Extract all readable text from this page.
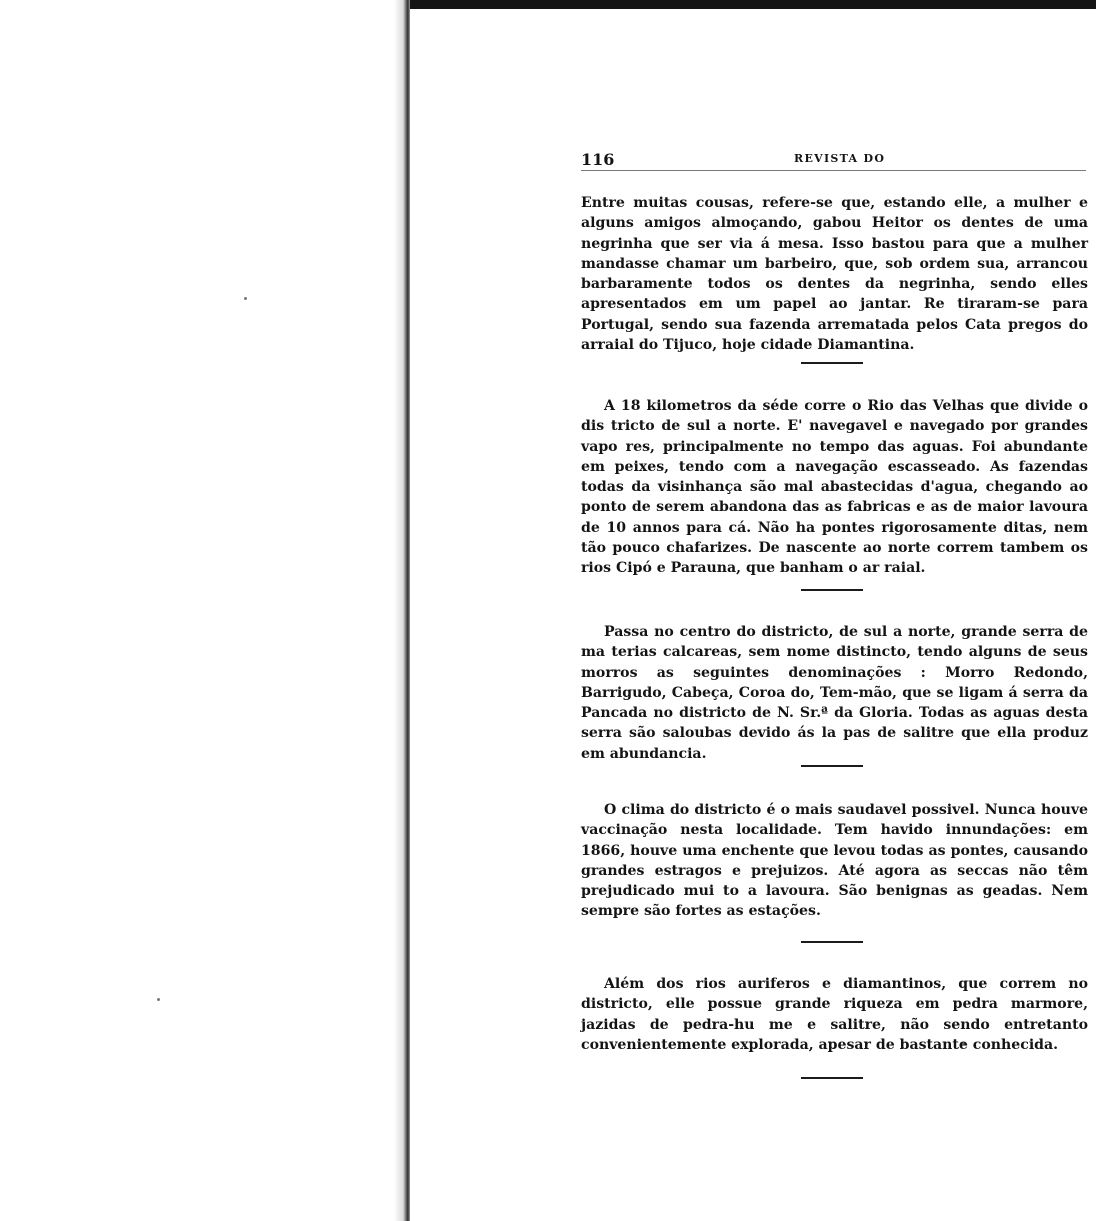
116	REVISTA DO

Entre muitas cousas, refere-se que, estando elle, a mulher e alguns amigos almoçando, gabou Heitor os dentes de uma negrinha que ser via á mesa. Isso bastou para que a mulher mandasse chamar um barbeiro, que, sob ordem sua, arrancou barbaramente todos os dentes da negrinha, sendo elles apresentados em um papel ao jantar. Re tiraram-se para Portugal, sendo sua fazenda arrematada pelos Cata pregos do arraial do Tijuco, hoje cidade Diamantina.

A 18 kilometros da séde corre o Rio das Velhas que divide o dis tricto de sul a norte. E' navegavel e navegado por grandes vapo res, principalmente no tempo das aguas. Foi abundante em peixes, tendo com a navegação escasseado. As fazendas todas da visinhança são mal abastecidas d'agua, chegando ao ponto de serem abandona das as fabricas e as de maior lavoura de 10 annos para cá. Não ha pontes rigorosamente ditas, nem tão pouco chafarizes. De nascente ao norte correm tambem os rios Cipó e Parauna, que banham o ar raial.

Passa no centro do districto, de sul a norte, grande serra de ma terias calcareas, sem nome distincto, tendo alguns de seus morros as seguintes denominações : Morro Redondo, Barrigudo, Cabeça, Coroa do, Tem-mão, que se ligam á serra da Pancada no districto de N. Sr.ª da Gloria. Todas as aguas desta serra são saloubas devido ás la pas de salitre que ella produz em abundancia.

O clima do districto é o mais saudavel possivel. Nunca houve vaccinação nesta localidade. Tem havido innundações: em 1866, houve uma enchente que levou todas as pontes, causando grandes estragos e prejuizos. Até agora as seccas não têm prejudicado mui to a lavoura. São benignas as geadas. Nem sempre são fortes as estações.

Além dos rios auriferos e diamantinos, que correm no districto, elle possue grande riqueza em pedra marmore, jazidas de pedra-hu me e salitre, não sendo entretanto convenientemente explorada, apesar de bastante conhecida.
